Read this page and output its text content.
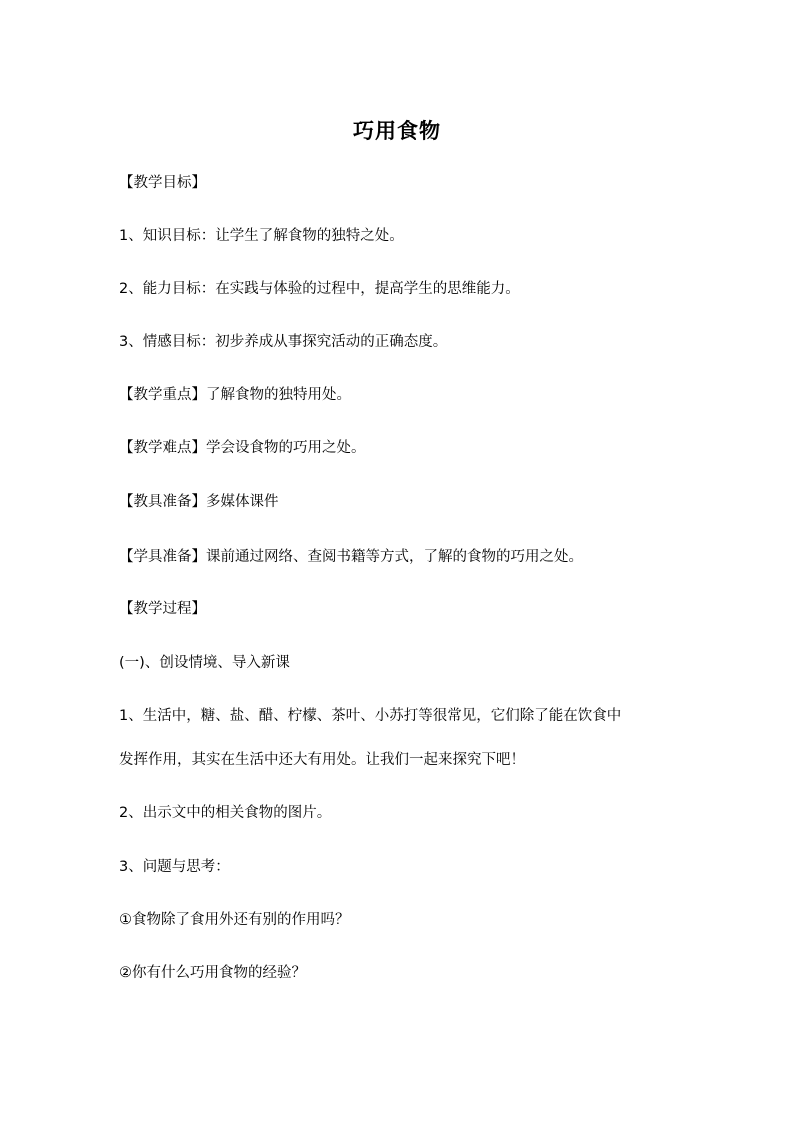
巧用食物
【教学目标】
1、知识目标：让学生了解食物的独特之处。
2、能力目标：在实践与体验的过程中，提高学生的思维能力。
3、情感目标：初步养成从事探究活动的正确态度。
【教学重点】了解食物的独特用处。
【教学难点】学会设食物的巧用之处。
【教具准备】多媒体课件
【学具准备】课前通过网络、查阅书籍等方式，了解的食物的巧用之处。
【教学过程】
(一)、创设情境、导入新课
1、生活中，糖、盐、醋、柠檬、茶叶、小苏打等很常见，它们除了能在饮食中
发挥作用，其实在生活中还大有用处。让我们一起来探究下吧！
2、出示文中的相关食物的图片。
3、问题与思考：
①食物除了食用外还有别的作用吗？
②你有什么巧用食物的经验？
